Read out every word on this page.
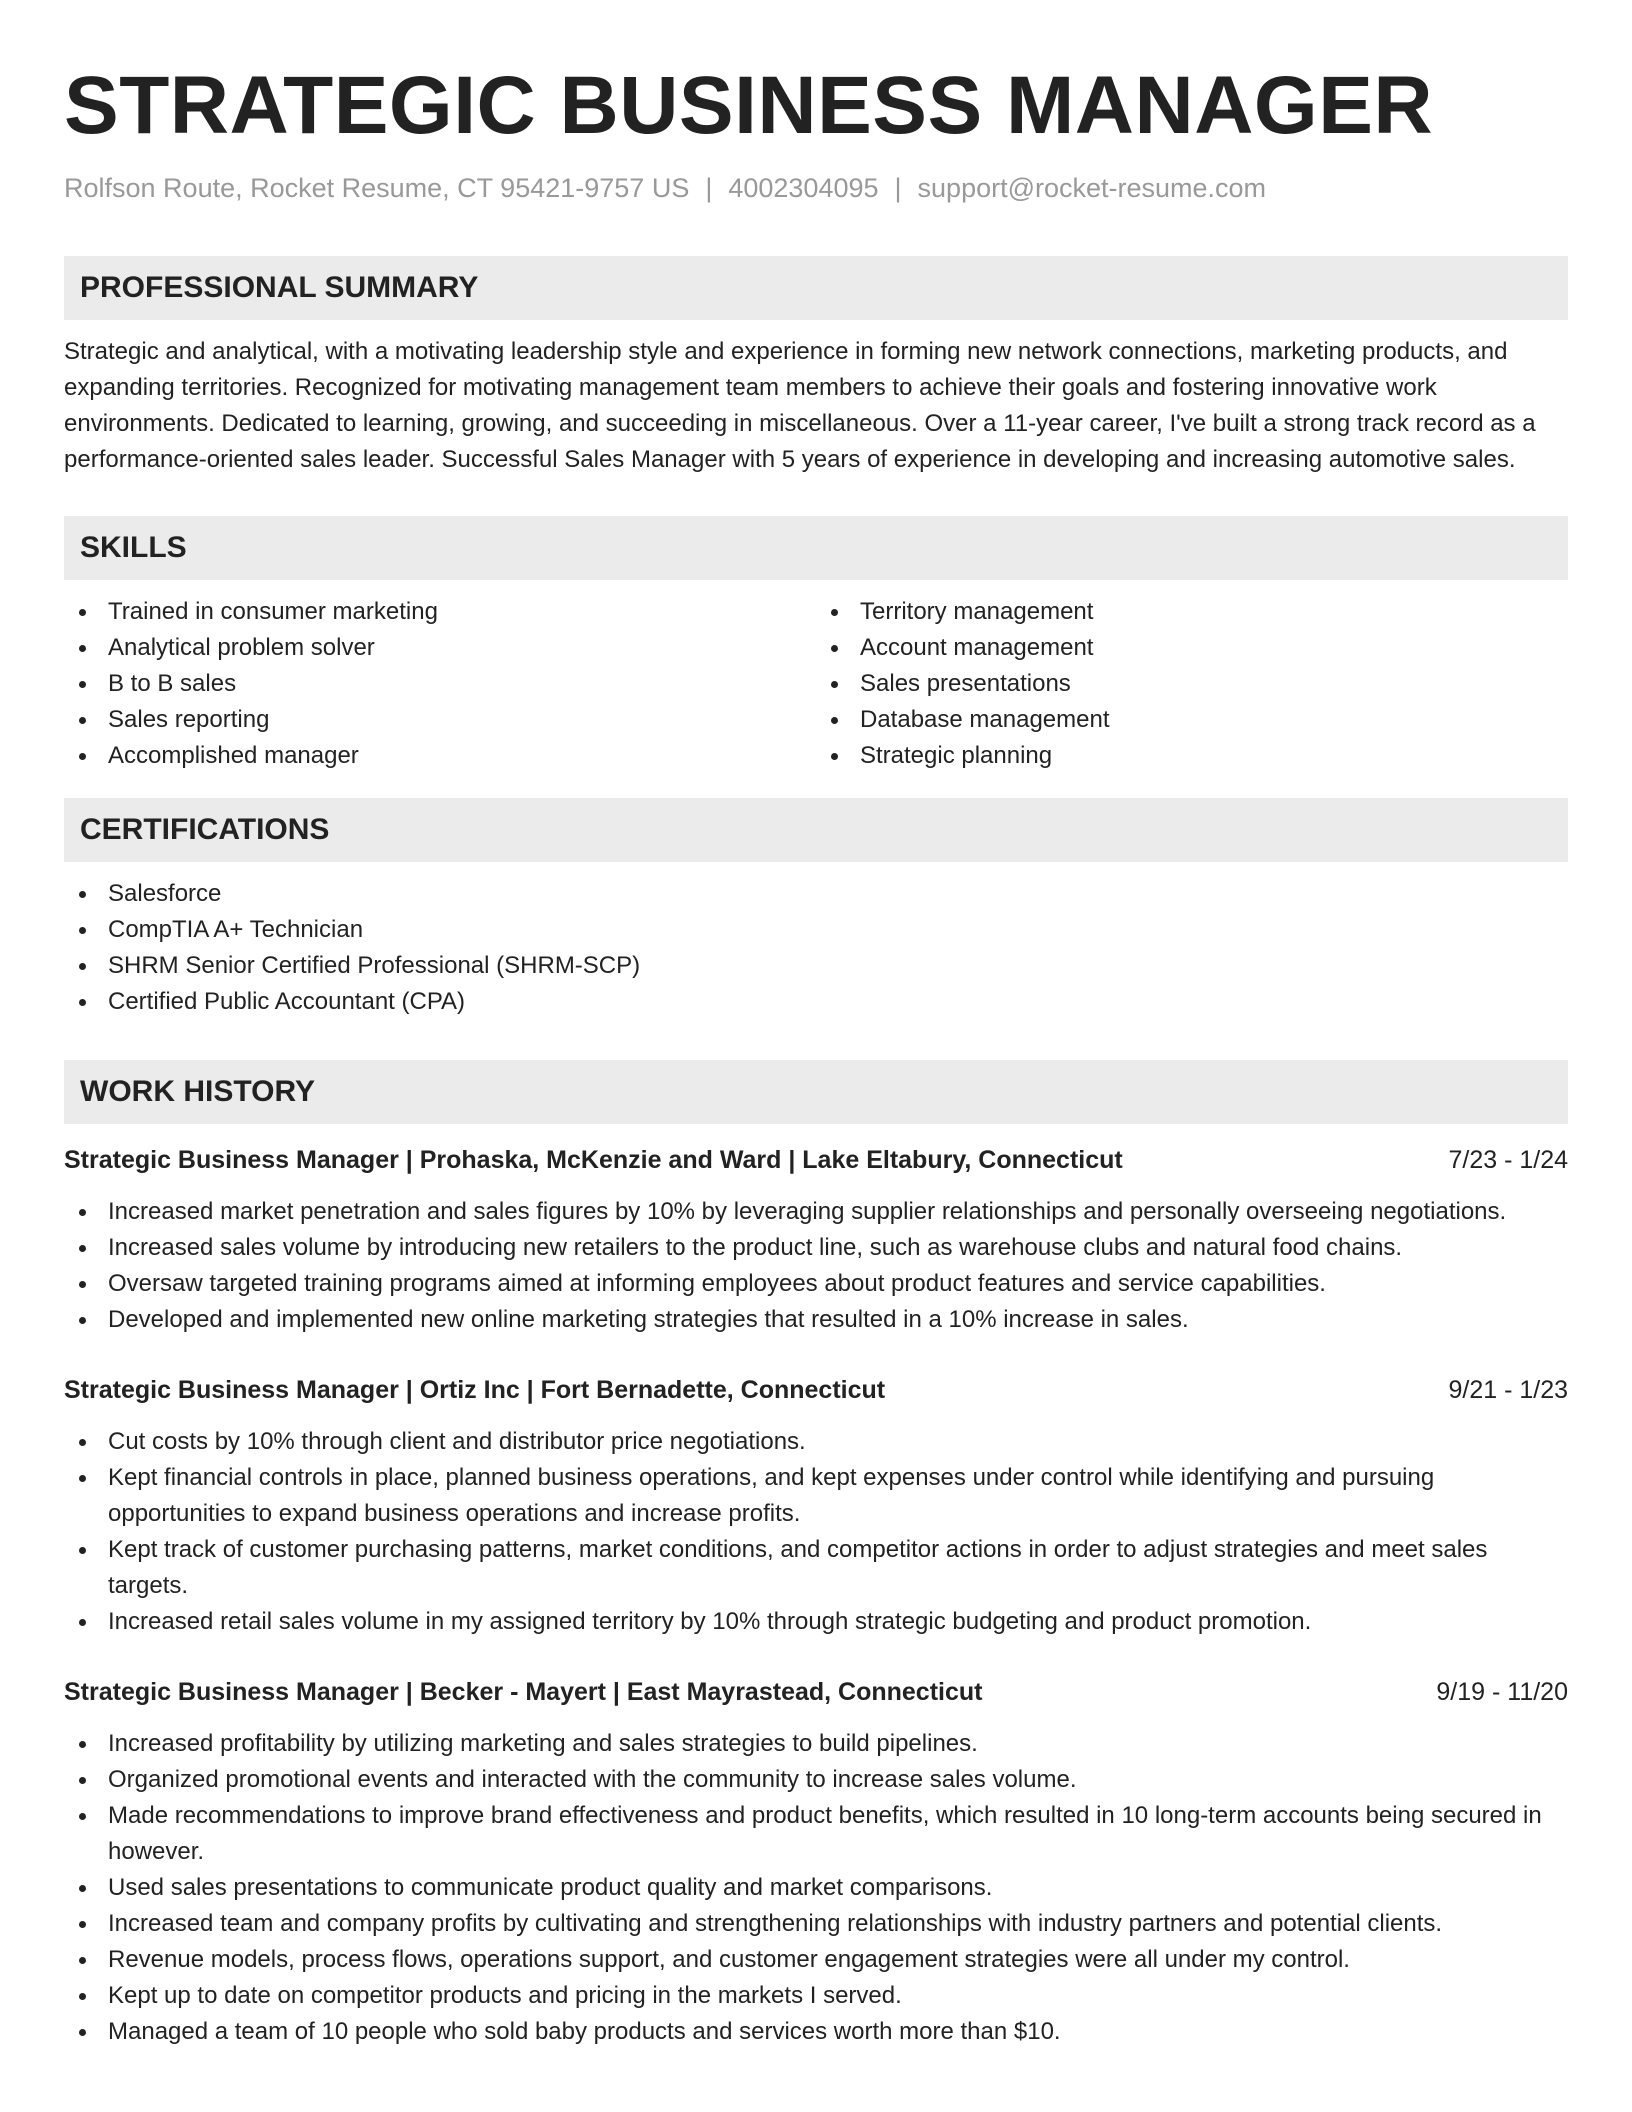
STRATEGIC BUSINESS MANAGER
Rolfson Route, Rocket Resume, CT 95421-9757 US | 4002304095 | support@rocket-resume.com
PROFESSIONAL SUMMARY
Strategic and analytical, with a motivating leadership style and experience in forming new network connections, marketing products, and expanding territories. Recognized for motivating management team members to achieve their goals and fostering innovative work environments. Dedicated to learning, growing, and succeeding in miscellaneous. Over a 11-year career, I've built a strong track record as a performance-oriented sales leader. Successful Sales Manager with 5 years of experience in developing and increasing automotive sales.
SKILLS
Trained in consumer marketing
Analytical problem solver
B to B sales
Sales reporting
Accomplished manager
Territory management
Account management
Sales presentations
Database management
Strategic planning
CERTIFICATIONS
Salesforce
CompTIA A+ Technician
SHRM Senior Certified Professional (SHRM-SCP)
Certified Public Accountant (CPA)
WORK HISTORY
Strategic Business Manager | Prohaska, McKenzie and Ward | Lake Eltabury, Connecticut	7/23 - 1/24
Increased market penetration and sales figures by 10% by leveraging supplier relationships and personally overseeing negotiations.
Increased sales volume by introducing new retailers to the product line, such as warehouse clubs and natural food chains.
Oversaw targeted training programs aimed at informing employees about product features and service capabilities.
Developed and implemented new online marketing strategies that resulted in a 10% increase in sales.
Strategic Business Manager | Ortiz Inc | Fort Bernadette, Connecticut	9/21 - 1/23
Cut costs by 10% through client and distributor price negotiations.
Kept financial controls in place, planned business operations, and kept expenses under control while identifying and pursuing opportunities to expand business operations and increase profits.
Kept track of customer purchasing patterns, market conditions, and competitor actions in order to adjust strategies and meet sales targets.
Increased retail sales volume in my assigned territory by 10% through strategic budgeting and product promotion.
Strategic Business Manager | Becker - Mayert | East Mayrastead, Connecticut	9/19 - 11/20
Increased profitability by utilizing marketing and sales strategies to build pipelines.
Organized promotional events and interacted with the community to increase sales volume.
Made recommendations to improve brand effectiveness and product benefits, which resulted in 10 long-term accounts being secured in however.
Used sales presentations to communicate product quality and market comparisons.
Increased team and company profits by cultivating and strengthening relationships with industry partners and potential clients.
Revenue models, process flows, operations support, and customer engagement strategies were all under my control.
Kept up to date on competitor products and pricing in the markets I served.
Managed a team of 10 people who sold baby products and services worth more than $10.
